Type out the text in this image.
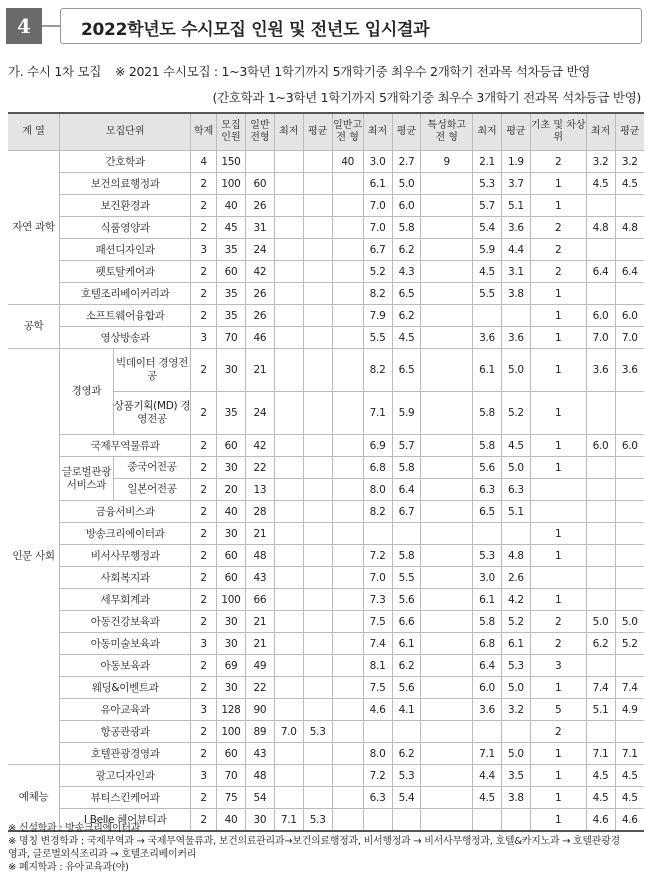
4	2022학년도 수시모집 인원 및 전년도 입시결과
가. 수시 1차 모집 ※ 2021 수시모집 : 1~3학년 1학기까지 5개학기중 최우수 2개학기 전과목 석차등급 반영
(간호학과 1~3학년 1학기까지 5개학기중 최우수 3개학기 전과목 석차등급 반영)
계 열	모집단위		학제	모집 인원	일반 전형	최저	평균	일반고 전 형	최저	평균	특성화고 전 형	최저	평균	기초 및 차상위	최저	평균
자연 과학	간호학과		4	150				40	3.0	2.7	9	2.1	1.9	2	3.2	3.2
	보건의료행정과		2	100	60				6.1	5.0		5.3	3.7	1	4.5	4.5
	보건환경과		2	40	26				7.0	6.0		5.7	5.1	1		
	식품영양과		2	45	31				7.0	5.8		5.4	3.6	2	4.8	4.8
	패션디자인과		3	35	24				6.7	6.2		5.9	4.4	2		
	펫토탈케어과		2	60	42				5.2	4.3		4.5	3.1	2	6.4	6.4
	호텔조리베이커리과		2	35	26				8.2	6.5		5.5	3.8	1		
공학	소프트웨어융합과		2	35	26				7.9	6.2				1	6.0	6.0
	영상방송과		3	70	46				5.5	4.5		3.6	3.6	1	7.0	7.0
인문 사회	경영과	빅데이터 경영전공	2	30	21				8.2	6.5		6.1	5.0	1	3.6	3.6
		상품기획(MD) 경영전공	2	35	24				7.1	5.9		5.8	5.2	1		
	국제무역물류과		2	60	42				6.9	5.7		5.8	4.5	1	6.0	6.0
	글로벌관광 서비스과	중국어전공	2	30	22				6.8	5.8		5.6	5.0	1		
		일본어전공	2	20	13				8.0	6.4		6.3	6.3			
	금융서비스과		2	40	28				8.2	6.7		6.5	5.1			
	방송크리에이터과		2	30	21									1		
	비서사무행정과		2	60	48				7.2	5.8		5.3	4.8	1		
	사회복지과		2	60	43				7.0	5.5		3.0	2.6			
	세무회계과		2	100	66				7.3	5.6		6.1	4.2	1		
	아동건강보육과		2	30	21				7.5	6.6		5.8	5.2	2	5.0	5.0
	아동미술보육과		3	30	21				7.4	6.1		6.8	6.1	2	6.2	5.2
	아동보육과		2	69	49				8.1	6.2		6.4	5.3	3		
	웨딩&이벤트과		2	30	22				7.5	5.6		6.0	5.0	1	7.4	7.4
	유아교육과		3	128	90				4.6	4.1		3.6	3.2	5	5.1	4.9
	항공관광과		2	100	89	7.0	5.3							2		
	호텔관광경영과		2	60	43				8.0	6.2		7.1	5.0	1	7.1	7.1
예체능	광고디자인과		3	70	48				7.2	5.3		4.4	3.5	1	4.5	4.5
	뷰티스킨케어과		2	75	54				6.3	5.4		4.5	3.8	1	4.5	4.5
	I Belle 헤어뷰티과		2	40	30	7.1	5.3							1	4.6	4.6
※ 신설학과 : 방송크리에이터과
※ 명칭 변경학과 : 국제무역과 → 국제무역물류과, 보건의료관리과→보건의료행정과, 비서행정과 → 비서사무행정과, 호텔&카지노과 → 호텔관광경
영과, 글로벌외식조리과 → 호텔조리베이커리
※ 폐지학과 : 유아교육과(야)
